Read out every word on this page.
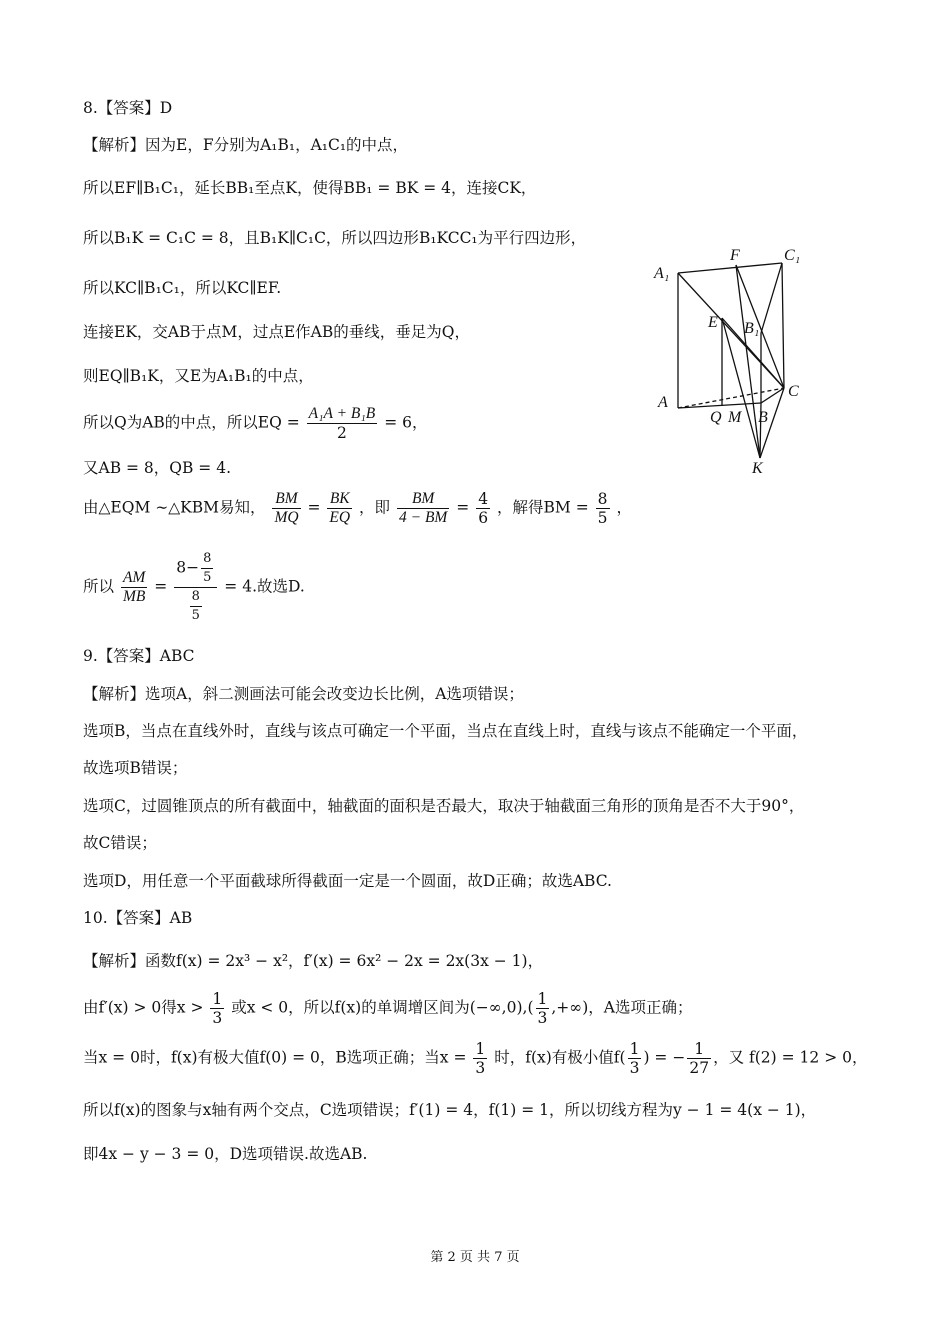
8.【答案】D
【解析】因为E，F分别为A₁B₁，A₁C₁的中点，
所以EF∥B₁C₁，延长BB₁至点K，使得BB₁ = BK = 4，连接CK，
所以B₁K = C₁C = 8，且B₁K∥C₁C，所以四边形B₁KCC₁为平行四边形，
所以KC∥B₁C₁，所以KC∥EF.
连接EK，交AB于点M，过点E作AB的垂线，垂足为Q，
则EQ∥B₁K，又E为A₁B₁的中点，
所以Q为AB的中点，所以EQ = $\frac{\text{A₁A + B₁B}}{2} = 6$，
又AB = 8，QB = 4.
由△EQM ∼△KBM易知， $\frac{BM}{MQ} = \frac{BK}{EQ}$ ，即 $\frac{BM}{4 - BM} = \frac{4}{6}$ ，解得BM = $\frac{8}{5}$ ，
所以 $\frac{AM}{MB} = \frac{8- \frac{8}{5}}{\frac{8}{5}} = 4$.故选D.
A₁
F	C₁
E B₁
C
A
Q M B
K
9.【答案】ABC
【解析】选项A，斜二测画法可能会改变边长比例，A选项错误；
选项B，当点在直线外时，直线与该点可确定一个平面，当点在直线上时，直线与该点不能确定一个平面，
故选项B错误；
选项C，过圆锥顶点的所有截面中，轴截面的面积是否最大，取决于轴截面三角形的顶角是否不大于90°，
故C错误；
选项D，用任意一个平面截球所得截面一定是一个圆面，故D正确；故选ABC.
10.【答案】AB
【解析】函数f(x) = 2x³ − x²，f′(x) = 6x² − 2x = 2x(3x − 1)，
由f′(x) > 0得$x > \frac{1}{3}$ 或x < 0，所以f(x)的单调增区间为$(-\infty,0),( \frac{1}{3}$ ,+∞)，A选项正确；
当x = 0时，f(x)有极大值f(0) = 0，B选项正确；当$x = \frac{1}{3}$ 时，f(x)有极小值$f( \frac{1}{3}$ ) = − $\frac{1}{27}$ ，又 f(2) = 12 > 0，
所以f(x)的图象与x轴有两个交点，C选项错误；f′(1) = 4，f(1) = 1，所以切线方程为y − 1 = 4(x − 1)，
即4x − y − 3 = 0，D选项错误.故选AB.
第 2 页 共 7 页
